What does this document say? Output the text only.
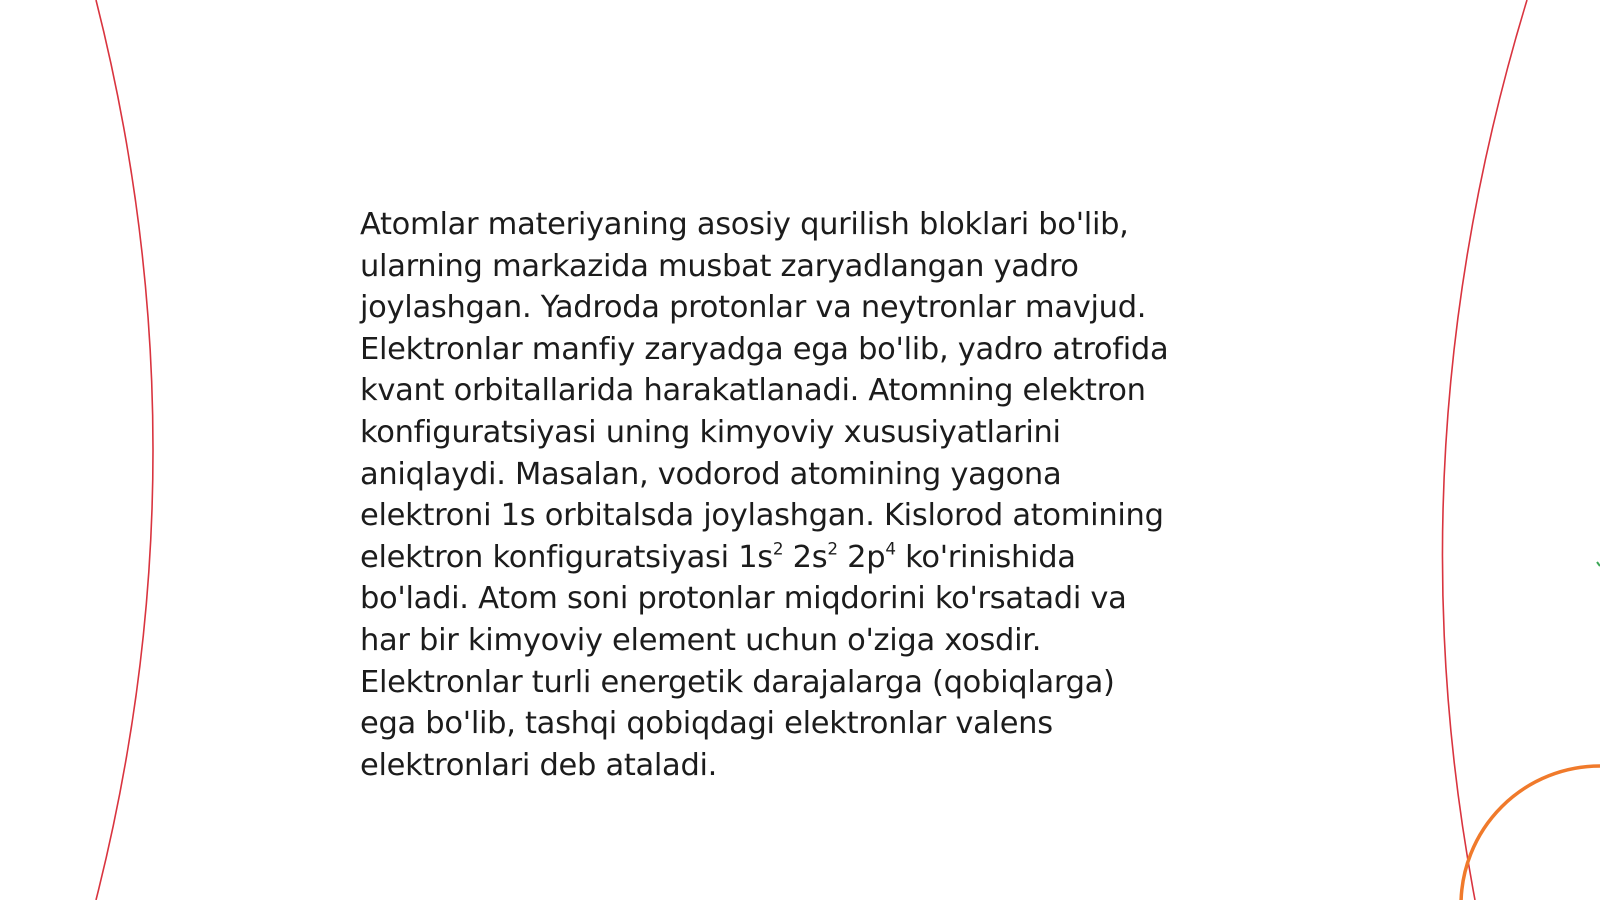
Atomlar materiyaning asosiy qurilish bloklari bo'lib,
ularning markazida musbat zaryadlangan yadro
joylashgan. Yadroda protonlar va neytronlar mavjud.
Elektronlar manfiy zaryadga ega bo'lib, yadro atrofida
kvant orbitallarida harakatlanadi. Atomning elektron
konfiguratsiyasi uning kimyoviy xususiyatlarini
aniqlaydi. Masalan, vodorod atomining yagona
elektroni 1s orbitalsda joylashgan. Kislorod atomining
elektron konfiguratsiyasi $1s^2$ $2s^2$ $2p^4$ ko'rinishida
bo'ladi. Atom soni protonlar miqdorini ko'rsatadi va
har bir kimyoviy element uchun o'ziga xosdir.
Elektronlar turli energetik darajalarga (qobiqlarga)
ega bo'lib, tashqi qobiqdagi elektronlar valens
elektronlari deb ataladi.
